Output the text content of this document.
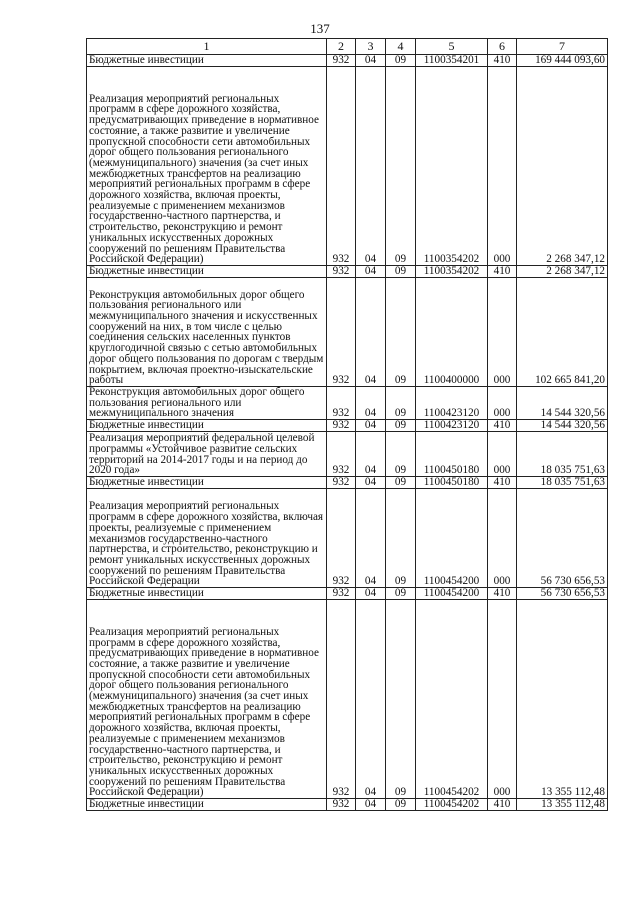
137
1	2	3	4	5	6	7
Бюджетные инвестиции	932	04	09	1100354201	410	169 444 093,60
Реализация мероприятий региональных программ в сфере дорожного хозяйства, предусматривающих приведение в нормативное состояние, а также развитие и увеличение пропускной способности сети автомобильных дорог общего пользования регионального (межмуниципального) значения (за счет иных межбюджетных трансфертов на реализацию мероприятий региональных программ в сфере дорожного хозяйства, включая проекты, реализуемые с применением механизмов государственно-частного партнерства, и строительство, реконструкцию и ремонт уникальных искусственных дорожных сооружений по решениям Правительства Российской Федерации)	932	04	09	1100354202	000	2 268 347,12
Бюджетные инвестиции	932	04	09	1100354202	410	2 268 347,12
Реконструкция автомобильных дорог общего пользования регионального или межмуниципального значения и искусственных сооружений на них, в том числе с целью соединения сельских населенных пунктов круглогодичной связью с сетью автомобильных дорог общего пользования по дорогам с твердым покрытием, включая проектно-изыскательские работы	932	04	09	1100400000	000	102 665 841,20
Реконструкция автомобильных дорог общего пользования регионального или межмуниципального значения	932	04	09	1100423120	000	14 544 320,56
Бюджетные инвестиции	932	04	09	1100423120	410	14 544 320,56
Реализация мероприятий федеральной целевой программы «Устойчивое развитие сельских территорий на 2014-2017 годы и на период до 2020 года»	932	04	09	1100450180	000	18 035 751,63
Бюджетные инвестиции	932	04	09	1100450180	410	18 035 751,63
Реализация мероприятий региональных программ в сфере дорожного хозяйства, включая проекты, реализуемые с применением механизмов государственно-частного партнерства, и строительство, реконструкцию и ремонт уникальных искусственных дорожных сооружений по решениям Правительства Российской Федерации	932	04	09	1100454200	000	56 730 656,53
Бюджетные инвестиции	932	04	09	1100454200	410	56 730 656,53
Реализация мероприятий региональных программ в сфере дорожного хозяйства, предусматривающих приведение в нормативное состояние, а также развитие и увеличение пропускной способности сети автомобильных дорог общего пользования регионального (межмуниципального) значения (за счет иных межбюджетных трансфертов на реализацию мероприятий региональных программ в сфере дорожного хозяйства, включая проекты, реализуемые с применением механизмов государственно-частного партнерства, и строительство, реконструкцию и ремонт уникальных искусственных дорожных сооружений по решениям Правительства Российской Федерации)	932	04	09	1100454202	000	13 355 112,48
Бюджетные инвестиции	932	04	09	1100454202	410	13 355 112,48
